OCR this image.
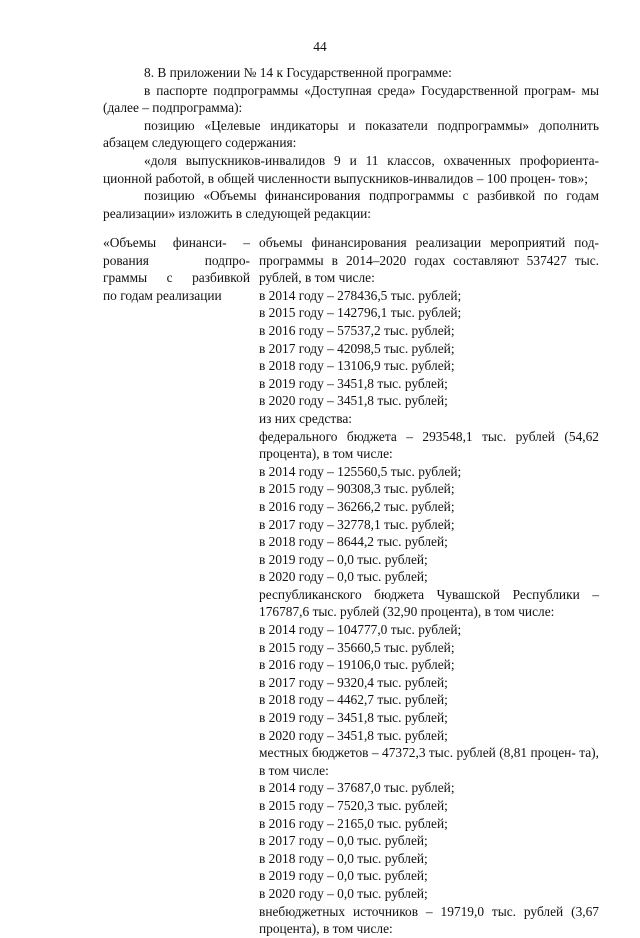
44

8. В приложении № 14 к Государственной программе:

в паспорте подпрограммы «Доступная среда» Государственной програм- мы (далее – подпрограмма):

позицию «Целевые индикаторы и показатели подпрограммы» дополнить абзацем следующего содержания:

«доля выпускников-инвалидов 9 и 11 классов, охваченных профориента- ционной работой, в общей численности выпускников-инвалидов – 100 процен- тов»;

позицию «Объемы финансирования подпрограммы с разбивкой по годам реализации» изложить в следующей редакции:

«Объемы финанси- –
рования подпро-
граммы с разбивкой
по годам реализации
объемы финансирования реализации мероприятий под- программы в 2014–2020 годах составляют 537427 тыс. рублей, в том числе:
в 2014 году – 278436,5 тыс. рублей;
в 2015 году – 142796,1 тыс. рублей;
в 2016 году – 57537,2 тыс. рублей;
в 2017 году – 42098,5 тыс. рублей;
в 2018 году – 13106,9 тыс. рублей;
в 2019 году – 3451,8 тыс. рублей;
в 2020 году – 3451,8 тыс. рублей;
из них средства:
федерального бюджета – 293548,1 тыс. рублей (54,62 процента), в том числе:
в 2014 году – 125560,5 тыс. рублей;
в 2015 году – 90308,3 тыс. рублей;
в 2016 году – 36266,2 тыс. рублей;
в 2017 году – 32778,1 тыс. рублей;
в 2018 году – 8644,2 тыс. рублей;
в 2019 году – 0,0 тыс. рублей;
в 2020 году – 0,0 тыс. рублей;
республиканского бюджета Чувашской Республики – 176787,6 тыс. рублей (32,90 процента), в том числе:
в 2014 году – 104777,0 тыс. рублей;
в 2015 году – 35660,5 тыс. рублей;
в 2016 году – 19106,0 тыс. рублей;
в 2017 году – 9320,4 тыс. рублей;
в 2018 году – 4462,7 тыс. рублей;
в 2019 году – 3451,8 тыс. рублей;
в 2020 году – 3451,8 тыс. рублей;
местных бюджетов – 47372,3 тыс. рублей (8,81 процен- та), в том числе:
в 2014 году – 37687,0 тыс. рублей;
в 2015 году – 7520,3 тыс. рублей;
в 2016 году – 2165,0 тыс. рублей;
в 2017 году – 0,0 тыс. рублей;
в 2018 году – 0,0 тыс. рублей;
в 2019 году – 0,0 тыс. рублей;
в 2020 году – 0,0 тыс. рублей;
внебюджетных источников – 19719,0 тыс. рублей (3,67 процента), в том числе:
